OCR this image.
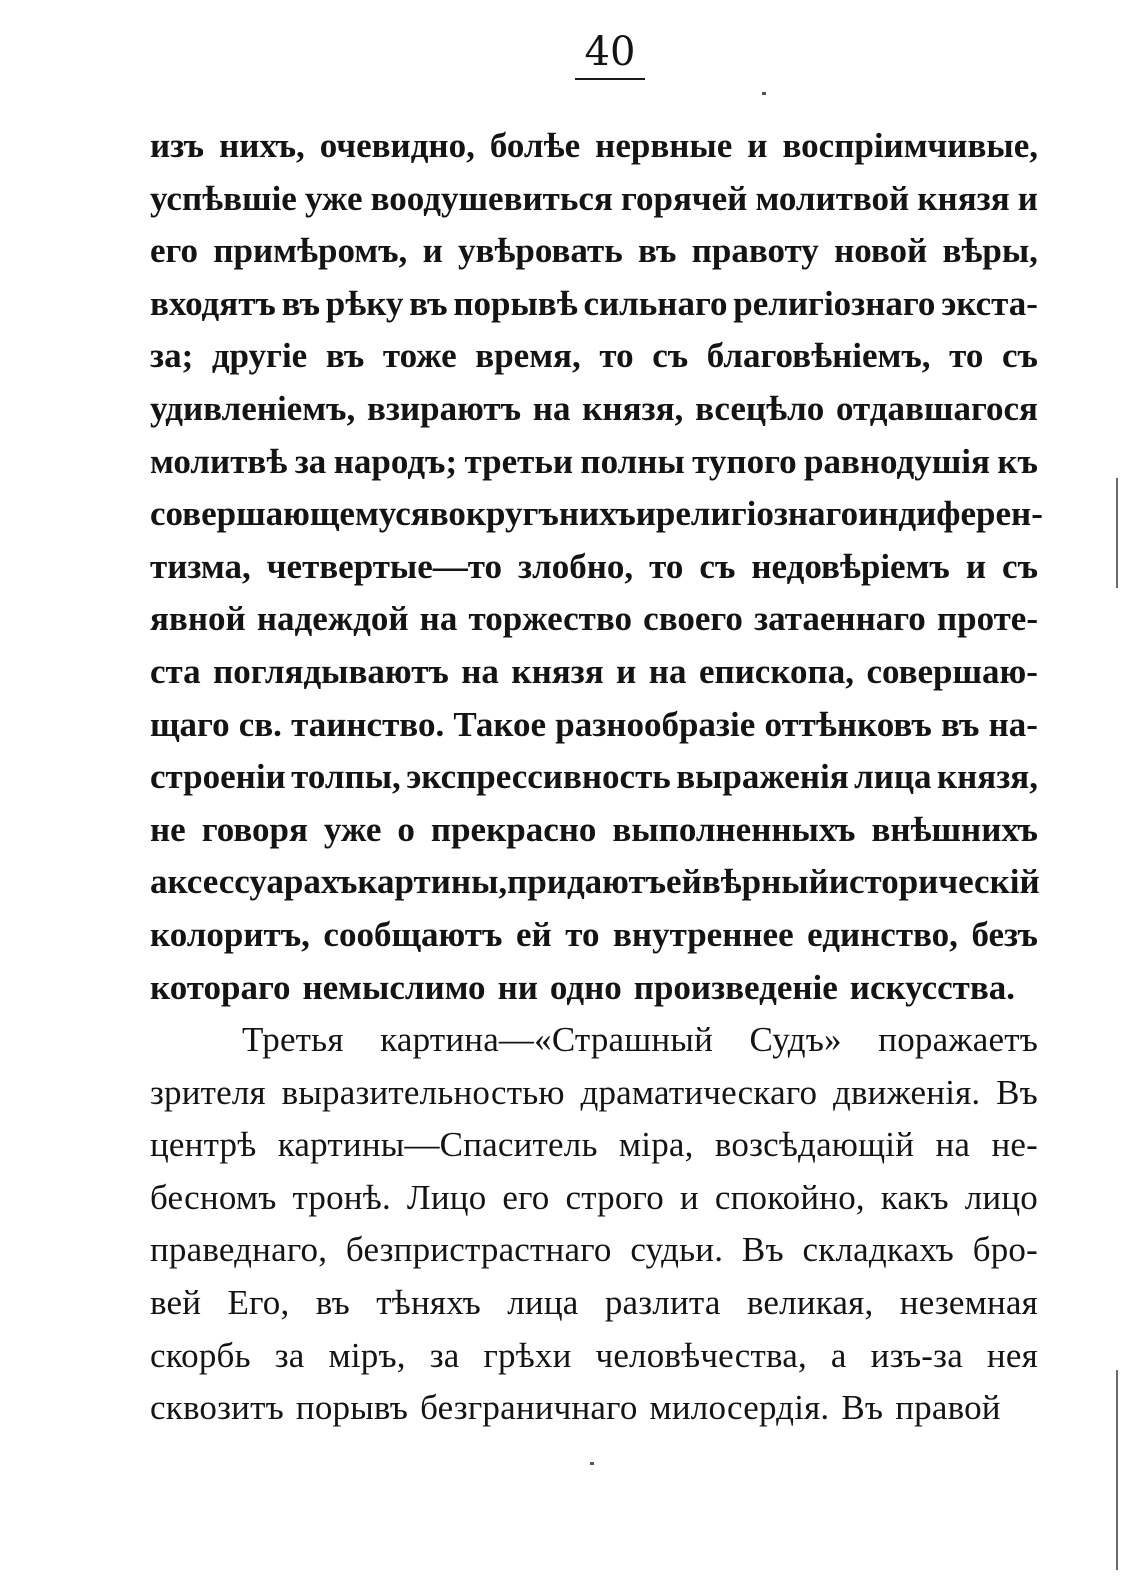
40
изъ нихъ, очевидно, болѣе нервные и воспріимчивые,
успѣвшіе уже воодушевиться горячей молитвой князя и
его примѣромъ, и увѣровать въ правоту новой вѣры,
входятъ въ рѣку въ порывѣ сильнаго религіознаго экста-
за; другіе въ тоже время, то съ благовѣніемъ, то съ
удивленіемъ, взираютъ на князя, всецѣло отдавшагося
молитвѣ за народъ; третьи полны тупого равнодушія къ
совершающемуся вокругъ нихъ и религіознаго индиферен-
тизма, четвертые—то злобно, то съ недовѣріемъ и съ
явной надеждой на торжество своего затаеннаго проте-
ста поглядываютъ на князя и на епископа, совершаю-
щаго св. таинство. Такое разнообразіе оттѣнковъ въ на-
строеніи толпы, экспрессивность выраженія лица князя,
не говоря уже о прекрасно выполненныхъ внѣшнихъ
аксессуарахъ картины, придаютъ ей вѣрный историческій
колоритъ, сообщаютъ ей то внутреннее единство, безъ
котораго немыслимо ни одно произведеніе искусства.
Третья картина—«Страшный Судъ» поражаетъ
зрителя выразительностью драматическаго движенія. Въ
центрѣ картины—Спаситель міра, возсѣдающій на не-
бесномъ тронѣ. Лицо его строго и спокойно, какъ лицо
праведнаго, безпристрастнаго судьи. Въ складкахъ бро-
вей Его, въ тѣняхъ лица разлита великая, неземная
скорбь за міръ, за грѣхи человѣчества, а изъ-за нея
сквозитъ порывъ безграничнаго милосердія. Въ правой
